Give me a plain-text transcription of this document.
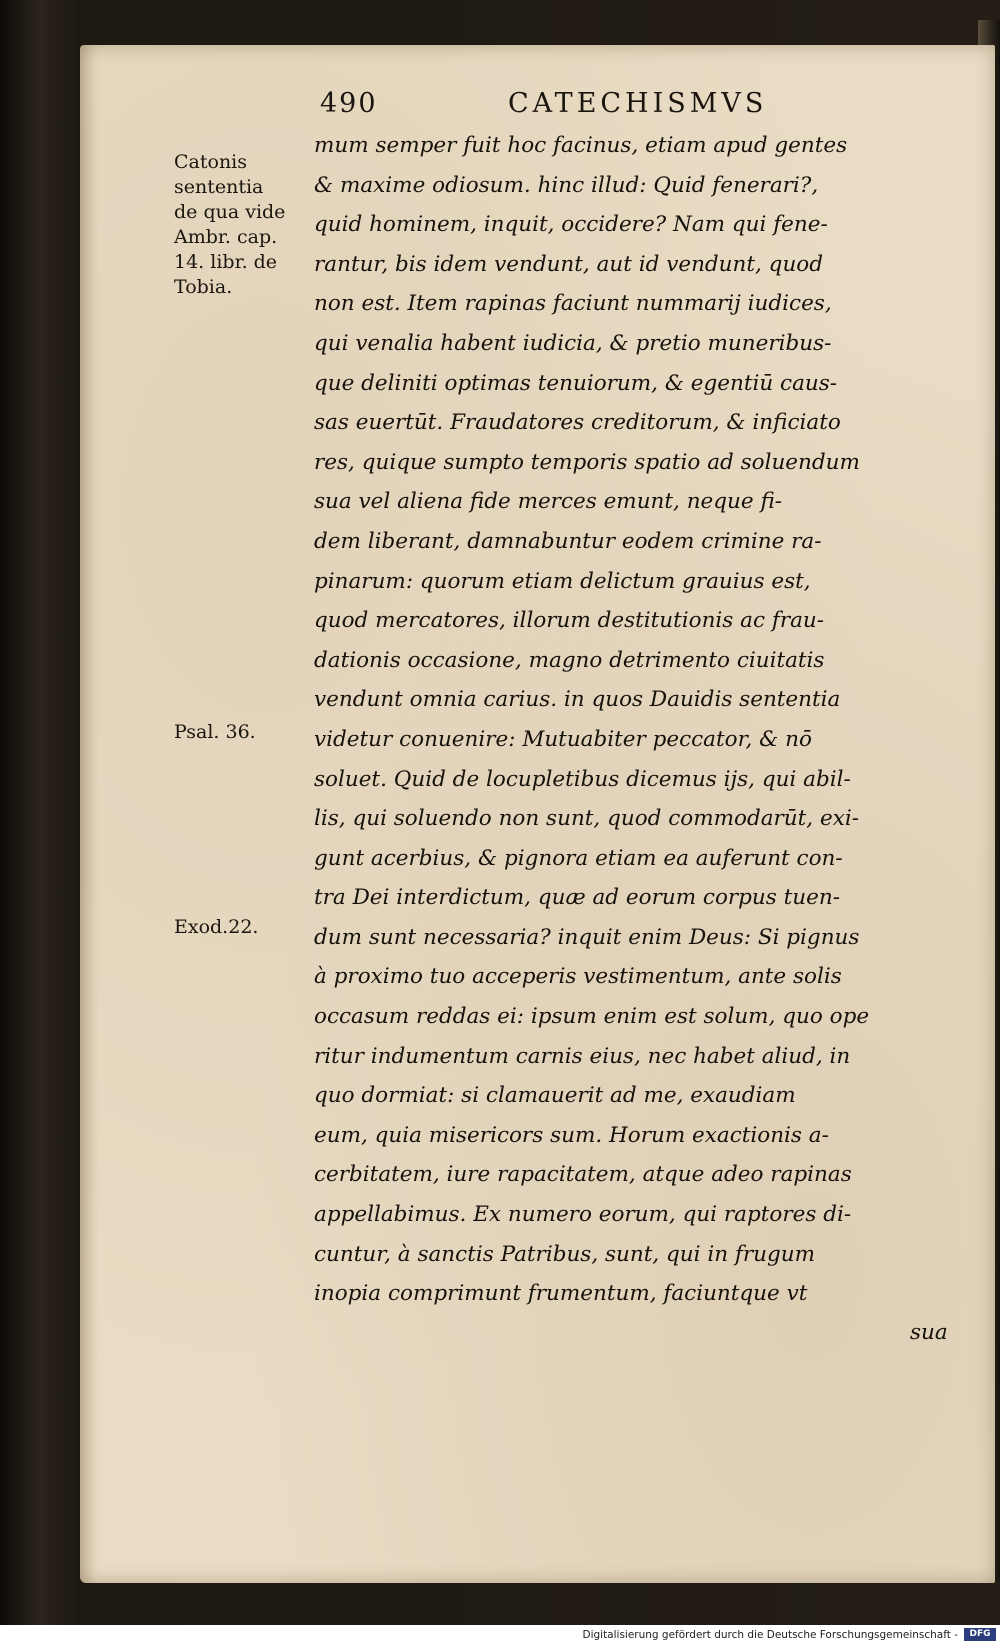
490	CATECHISMVS
Catonis
sententia
de qua vide
Ambr. cap.
14. libr. de
Tobia.
Psal. 36.
Exod.22.
mum semper fuit hoc facinus, etiam apud gentes
& maxime odiosum. hinc illud: Quid fenerari?,
quid hominem, inquit, occidere? Nam qui fene-
rantur, bis idem vendunt, aut id vendunt, quod
non est. Item rapinas faciunt nummarij iudices,
qui venalia habent iudicia, & pretio muneribus-
que deliniti optimas tenuiorum, & egentiū caus-
sas euertūt. Fraudatores creditorum, & inficiato
res, quique sumpto temporis spatio ad soluendum
sua vel aliena fide merces emunt, neque fi-
dem liberant, damnabuntur eodem crimine ra-
pinarum: quorum etiam delictum grauius est,
quod mercatores, illorum destitutionis ac frau-
dationis occasione, magno detrimento ciuitatis
vendunt omnia carius. in quos Dauidis sententia
videtur conuenire: Mutuabiter peccator, & nō
soluet. Quid de locupletibus dicemus ijs, qui abil-
lis, qui soluendo non sunt, quod commodarūt, exi-
gunt acerbius, & pignora etiam ea auferunt con-
tra Dei interdictum, quæ ad eorum corpus tuen-
dum sunt necessaria? inquit enim Deus: Si pignus
à proximo tuo acceperis vestimentum, ante solis
occasum reddas ei: ipsum enim est solum, quo ope
ritur indumentum carnis eius, nec habet aliud, in
quo dormiat: si clamauerit ad me, exaudiam
eum, quia misericors sum. Horum exactionis a-
cerbitatem, iure rapacitatem, atque adeo rapinas
appellabimus. Ex numero eorum, qui raptores di-
cuntur, à sanctis Patribus, sunt, qui in frugum
inopia comprimunt frumentum, faciuntque vt
sua
Digitalisierung gefördert durch die Deutsche Forschungsgemeinschaft -	DFG
